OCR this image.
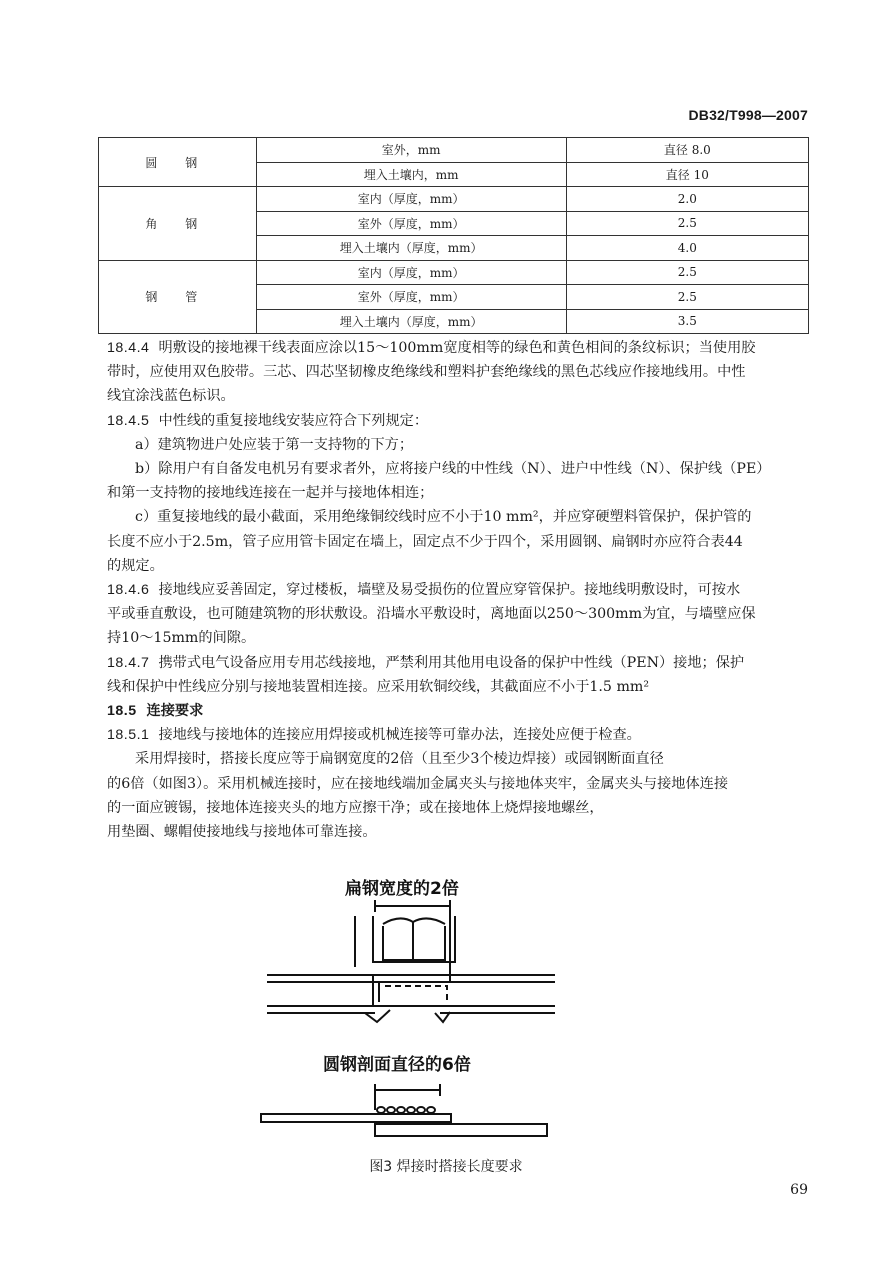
DB32/T998—2007
圆 钢	室外，mm	直径 8.0
	埋入土壤内，mm	直径 10
角 钢	室内（厚度，mm）	2.0
	室外（厚度，mm）	2.5
	埋入土壤内（厚度，mm）	4.0
钢 管	室内（厚度，mm）	2.5
	室外（厚度，mm）	2.5
	埋入土壤内（厚度，mm）	3.5

18.4.4 明敷设的接地裸干线表面应涂以15～100mm宽度相等的绿色和黄色相间的条纹标识；当使用胶

带时，应使用双色胶带。三芯、四芯坚韧橡皮绝缘线和塑料护套绝缘线的黑色芯线应作接地线用。中性

线宜涂浅蓝色标识。

18.4.5 中性线的重复接地线安装应符合下列规定：

a）建筑物进户处应装于第一支持物的下方；

b）除用户有自备发电机另有要求者外，应将接户线的中性线（N）、进户中性线（N）、保护线（PE）

和第一支持物的接地线连接在一起并与接地体相连；

c）重复接地线的最小截面，采用绝缘铜绞线时应不小于10 mm²，并应穿硬塑料管保护，保护管的

长度不应小于2.5m，管子应用管卡固定在墙上，固定点不少于四个，采用圆钢、扁钢时亦应符合表44

的规定。

18.4.6 接地线应妥善固定，穿过楼板，墙壁及易受损伤的位置应穿管保护。接地线明敷设时，可按水

平或垂直敷设，也可随建筑物的形状敷设。沿墙水平敷设时，离地面以250～300mm为宜，与墙壁应保

持10～15mm的间隙。

18.4.7 携带式电气设备应用专用芯线接地，严禁利用其他用电设备的保护中性线（PEN）接地；保护

线和保护中性线应分别与接地装置相连接。应采用软铜绞线，其截面应不小于1.5 mm²

18.5 连接要求

18.5.1 接地线与接地体的连接应用焊接或机械连接等可靠办法，连接处应便于检查。

采用焊接时，搭接长度应等于扁钢宽度的2倍（且至少3个棱边焊接）或园钢断面直径

的6倍（如图3）。采用机械连接时，应在接地线端加金属夹头与接地体夹牢，金属夹头与接地体连接

的一面应镀锡，接地体连接夹头的地方应擦干净；或在接地体上烧焊接地螺丝，

用垫圈、螺帽使接地线与接地体可靠连接。

扁钢宽度的2倍
圆钢剖面直径的6倍
图3 焊接时搭接长度要求
69
